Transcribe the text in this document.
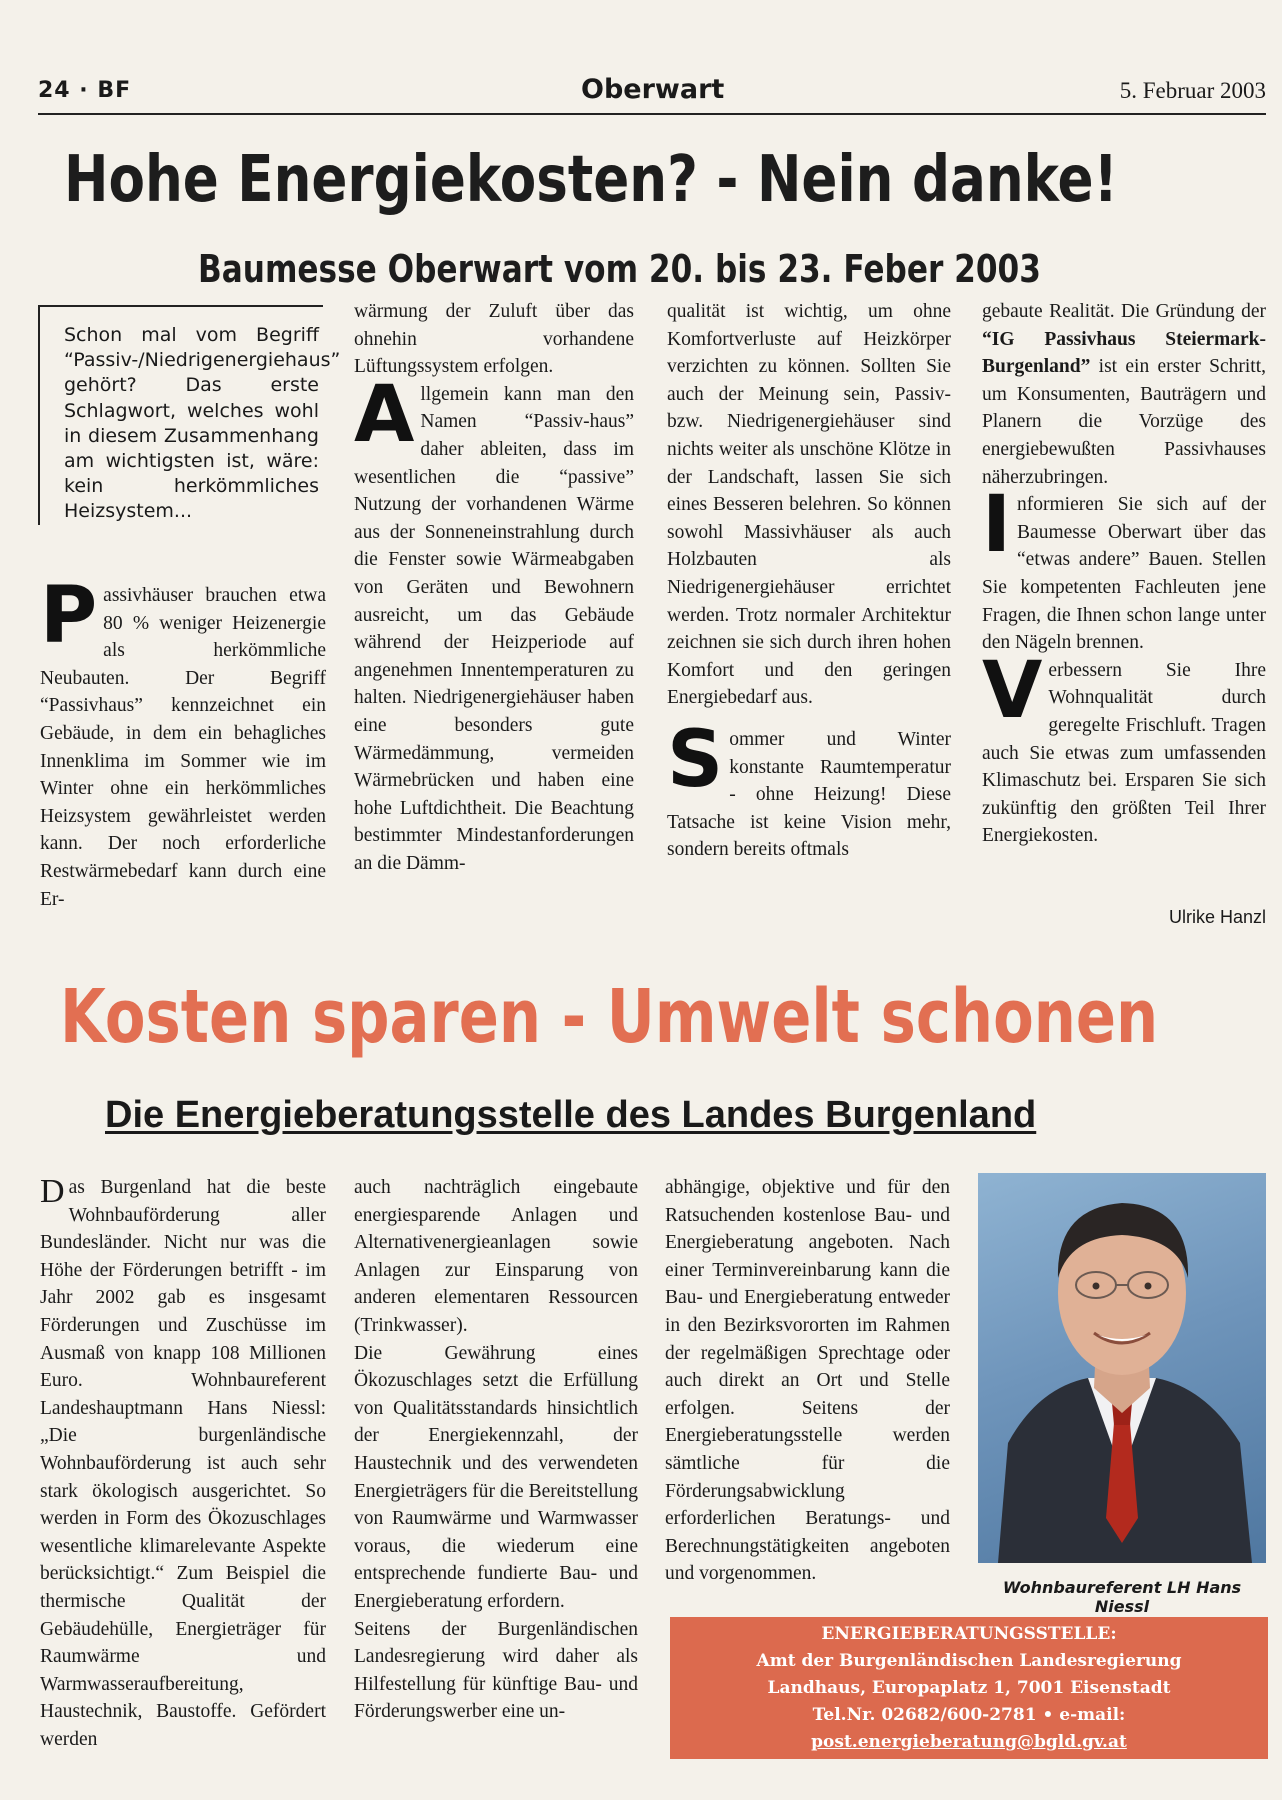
24 · BF	Oberwart	5. Februar 2003
Hohe Energiekosten? - Nein danke!
Baumesse Oberwart vom 20. bis 23. Feber 2003
Schon mal vom Begriff “Passiv-/Niedrigenergiehaus” gehört? Das erste Schlagwort, welches wohl in diesem Zusammenhang am wichtigsten ist, wäre: kein herkömmliches Heizsystem...
Passivhäuser brauchen etwa 80 % weniger Heizenergie als herkömmliche Neubauten. Der Begriff “Passivhaus” kennzeichnet ein Gebäude, in dem ein behagliches Innenklima im Sommer wie im Winter ohne ein herkömmliches Heizsystem gewährleistet werden kann. Der noch erforderliche Restwärmebedarf kann durch eine Er-

wärmung der Zuluft über das ohnehin vorhandene Lüftungssystem erfolgen.

Allgemein kann man den Namen “Passiv-haus” daher ableiten, dass im wesentlichen die “passive” Nutzung der vorhandenen Wärme aus der Sonneneinstrahlung durch die Fenster sowie Wärmeabgaben von Geräten und Bewohnern ausreicht, um das Gebäude während der Heizperiode auf angenehmen Innentemperaturen zu halten. Niedrigenergiehäuser haben eine besonders gute Wärmedämmung, vermeiden Wärmebrücken und haben eine hohe Luftdichtheit. Die Beachtung bestimmter Mindestanforderungen an die Dämm-

qualität ist wichtig, um ohne Komfortverluste auf Heizkörper verzichten zu können. Sollten Sie auch der Meinung sein, Passiv- bzw. Niedrigenergiehäuser sind nichts weiter als unschöne Klötze in der Landschaft, lassen Sie sich eines Besseren belehren. So können sowohl Massivhäuser als auch Holzbauten als Niedrigenergiehäuser errichtet werden. Trotz normaler Architektur zeichnen sie sich durch ihren hohen Komfort und den geringen Energiebedarf aus.

Sommer und Winter konstante Raumtemperatur - ohne Heizung! Diese Tatsache ist keine Vision mehr, sondern bereits oftmals

gebaute Realität. Die Gründung der “IG Passivhaus Steiermark-Burgenland” ist ein erster Schritt, um Konsumenten, Bauträgern und Planern die Vorzüge des energiebewußten Passivhauses näherzubringen.

Informieren Sie sich auf der Baumesse Oberwart über das “etwas andere” Bauen. Stellen Sie kompetenten Fachleuten jene Fragen, die Ihnen schon lange unter den Nägeln brennen.

Verbessern Sie Ihre Wohnqualität durch geregelte Frischluft. Tragen auch Sie etwas zum umfassenden Klimaschutz bei. Ersparen Sie sich zukünftig den größten Teil Ihrer Energiekosten.

Ulrike Hanzl
Kosten sparen - Umwelt schonen
Die Energieberatungsstelle des Landes Burgenland
Das Burgenland hat die beste Wohnbauförderung aller Bundesländer. Nicht nur was die Höhe der Förderungen betrifft - im Jahr 2002 gab es insgesamt Förderungen und Zuschüsse im Ausmaß von knapp 108 Millionen Euro. Wohnbaureferent Landeshauptmann Hans Niessl: „Die burgenländische Wohnbauförderung ist auch sehr stark ökologisch ausgerichtet. So werden in Form des Ökozuschlages wesentliche klimarelevante Aspekte berücksichtigt.“ Zum Beispiel die thermische Qualität der Gebäudehülle, Energieträger für Raumwärme und Warmwasseraufbereitung, Haustechnik, Baustoffe. Gefördert werden

auch nachträglich eingebaute energiesparende Anlagen und Alternativenergieanlagen sowie Anlagen zur Einsparung von anderen elementaren Ressourcen (Trinkwasser).

Die Gewährung eines Ökozuschlages setzt die Erfüllung von Qualitätsstandards hinsichtlich der Energiekennzahl, der Haustechnik und des verwendeten Energieträgers für die Bereitstellung von Raumwärme und Warmwasser voraus, die wiederum eine entsprechende fundierte Bau- und Energieberatung erfordern.

Seitens der Burgenländischen Landesregierung wird daher als Hilfestellung für künftige Bau- und Förderungswerber eine un-

abhängige, objektive und für den Ratsuchenden kostenlose Bau- und Energieberatung angeboten. Nach einer Terminvereinbarung kann die Bau- und Energieberatung entweder in den Bezirksvororten im Rahmen der regelmäßigen Sprechtage oder auch direkt an Ort und Stelle erfolgen. Seitens der Energieberatungsstelle werden sämtliche für die Förderungsabwicklung erforderlichen Beratungs- und Berechnungstätigkeiten angeboten und vorgenommen.

Wohnbaureferent LH Hans Niessl
ENERGIEBERATUNGSSTELLE:
Amt der Burgenländischen Landesregierung
Landhaus, Europaplatz 1, 7001 Eisenstadt
Tel.Nr. 02682/600-2781 • e-mail:
post.energieberatung@bgld.gv.at
